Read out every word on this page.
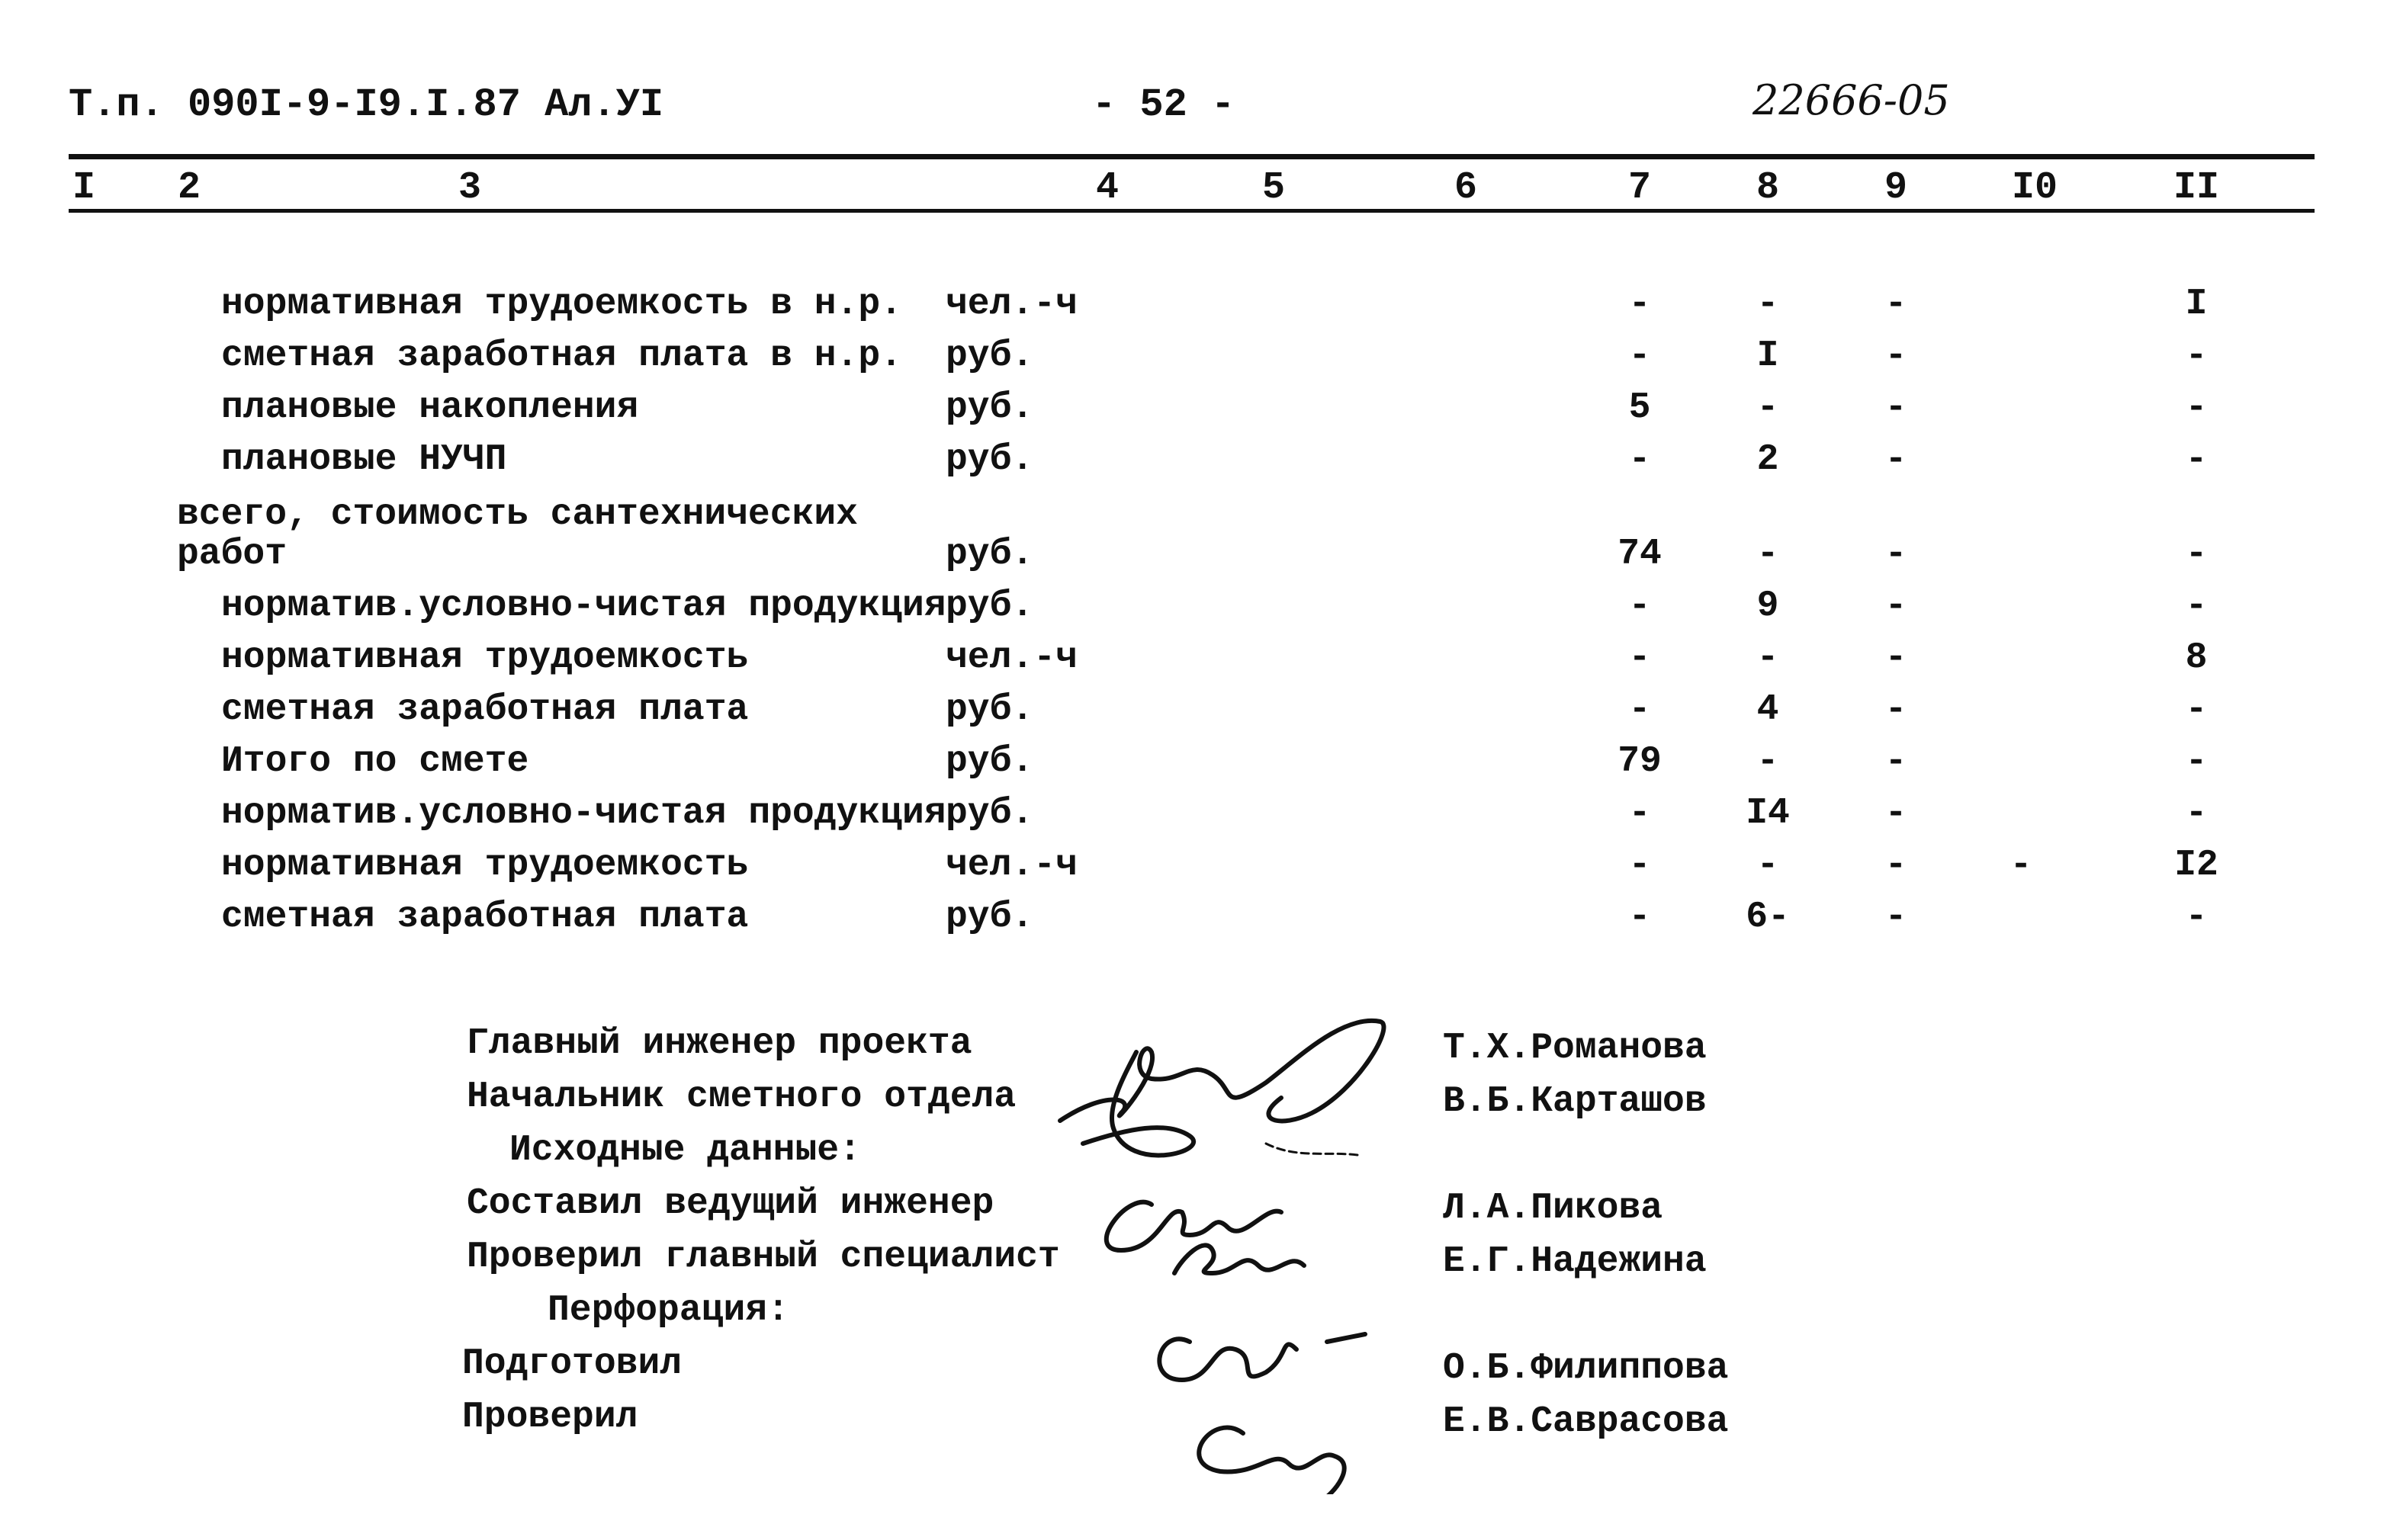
Т.п. 090I-9-I9.I.87 Ал.УI	- 52 -	22666-05
I 2	3	4	5	6	7	8	9	I0	II
нормативная трудоемкость в н.р. чел.-ч	-	-	-	I
сметная заработная плата в н.р. руб.	-	I	-	-
плановые накопления	руб.	5	-	-	-
плановые НУЧП	руб.	-	2	-	-
всего, стоимость сантехнических
работ	руб.	74	-	-	-
норматив.условно-чистая продукция руб.	-	9	-	-
нормативная трудоемкость	чел.-ч	-	-	-	8
сметная заработная плата	руб.	-	4	-	-
Итого по смете	руб.	79	-	-	-
норматив.условно-чистая продукция руб.	-	I4	-	-
нормативная трудоемкость	чел.-ч	-	-	-	-	I2
сметная заработная плата	руб.	-	6-	-	-
Главный инженер проекта
Начальник сметного отдела
Исходные данные:
Составил ведущий инженер
Проверил главный специалист
Перфорация:
Подготовил
Проверил
Т.Х.Романова
В.Б.Карташов
Л.А.Пикова
Е.Г.Надежина
О.Б.Филиппова
Е.В.Саврасова
